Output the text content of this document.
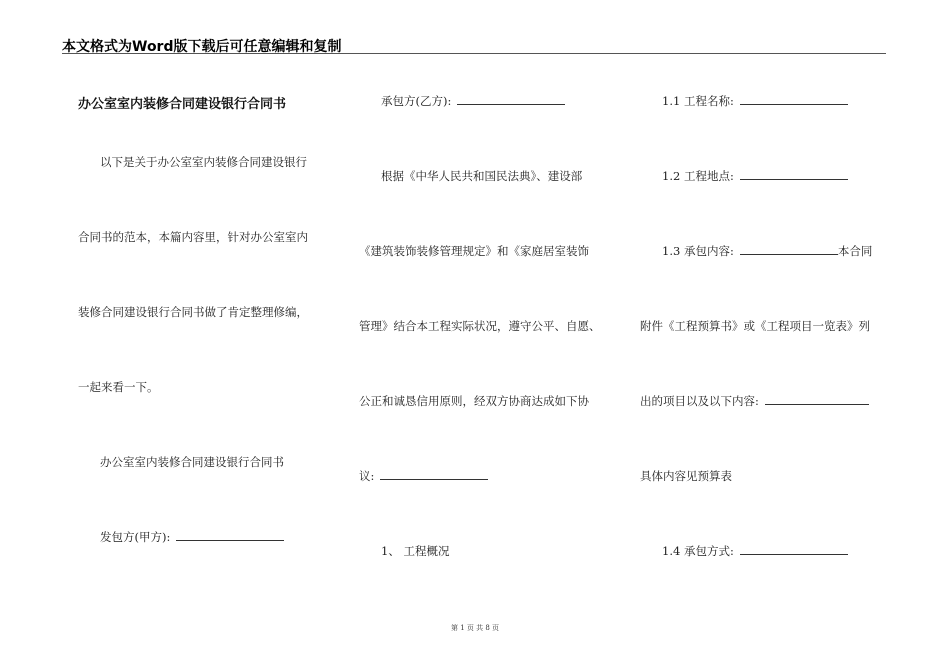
本文格式为Word版下载后可任意编辑和复制
办公室室内装修合同建设银行合同书
以下是关于办公室室内装修合同建设银行
合同书的范本，本篇内容里，针对办公室室内
装修合同建设银行合同书做了肯定整理修编，
一起来看一下。
办公室室内装修合同建设银行合同书
发包方(甲方):
承包方(乙方):
根据《中华人民共和国民法典》、建设部
《建筑装饰装修管理规定》和《家庭居室装饰
管理》结合本工程实际状况，遵守公平、自愿、
公正和诚恳信用原则，经双方协商达成如下协
议:
1、 工程概况
1.1 工程名称:
1.2 工程地点:
1.3 承包内容:	本合同
附件《工程预算书》或《工程项目一览表》列
出的项目以及以下内容:
具体内容见预算表
1.4 承包方式:
第 1 页 共 8 页
